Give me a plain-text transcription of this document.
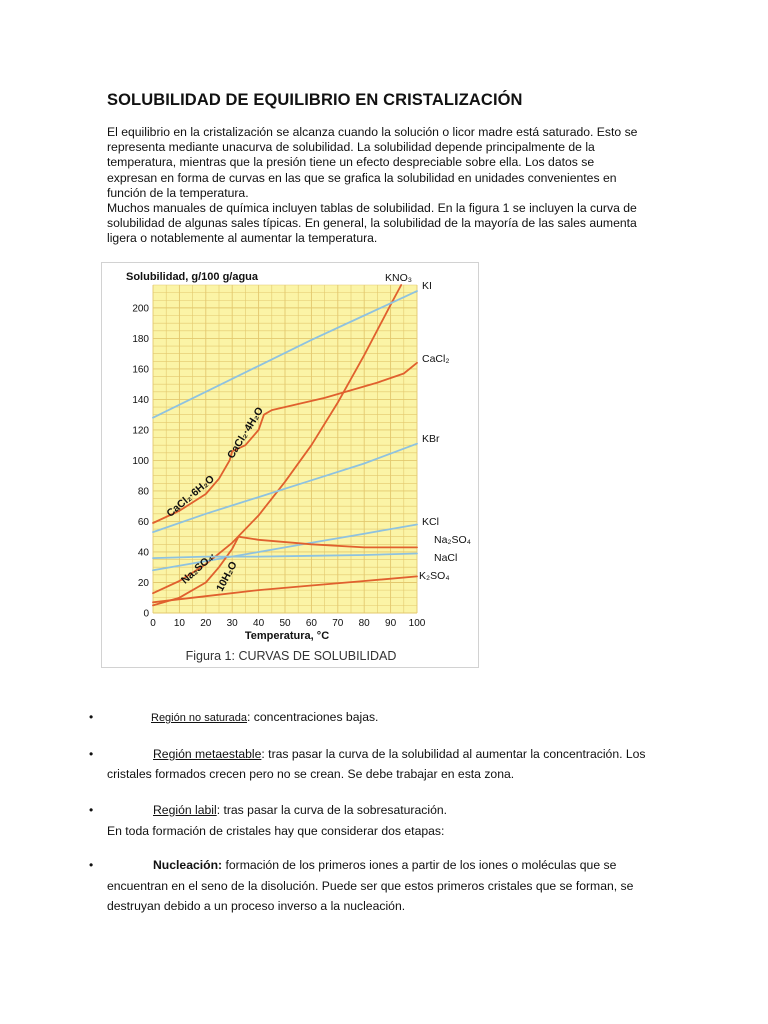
SOLUBILIDAD DE EQUILIBRIO EN CRISTALIZACIÓN

El equilibrio en la cristalización se alcanza cuando la solución o licor madre está saturado. Esto se

representa mediante unacurva de solubilidad. La solubilidad depende principalmente de la

temperatura, mientras que la presión tiene un efecto despreciable sobre ella. Los datos se

expresan en forma de curvas en las que se grafica la solubilidad en unidades convenientes en

función de la temperatura.

Muchos manuales de química incluyen tablas de solubilidad. En la figura 1 se incluyen la curva de

solubilidad de algunas sales típicas. En general, la solubilidad de la mayoría de las sales aumenta

ligera o notablemente al aumentar la temperatura.

CaCl₂·6H₂O
CaCl₂·4H₂O
Na₂SO₄·
10H₂O
0
20
40
60
80
100
120
140
160
180
200
0 10 20 30 40 50 60 70 80 90 100
KNO₃
KI
CaCl₂
KBr
KCl
Na₂SO₄
NaCl
K₂SO₄
Solubilidad, g/100 g/agua
Temperatura, °C
Figura 1: CURVAS DE SOLUBILIDAD
•	Región no saturada: concentraciones bajas.
•	Región metaestable: tras pasar la curva de la solubilidad al aumentar la concentración. Los
cristales formados crecen pero no se crean. Se debe trabajar en esta zona.
•	Región labil: tras pasar la curva de la sobresaturación.
En toda formación de cristales hay que considerar dos etapas:
•	Nucleación: formación de los primeros iones a partir de los iones o moléculas que se
encuentran en el seno de la disolución. Puede ser que estos primeros cristales que se forman, se
destruyan debido a un proceso inverso a la nucleación.
